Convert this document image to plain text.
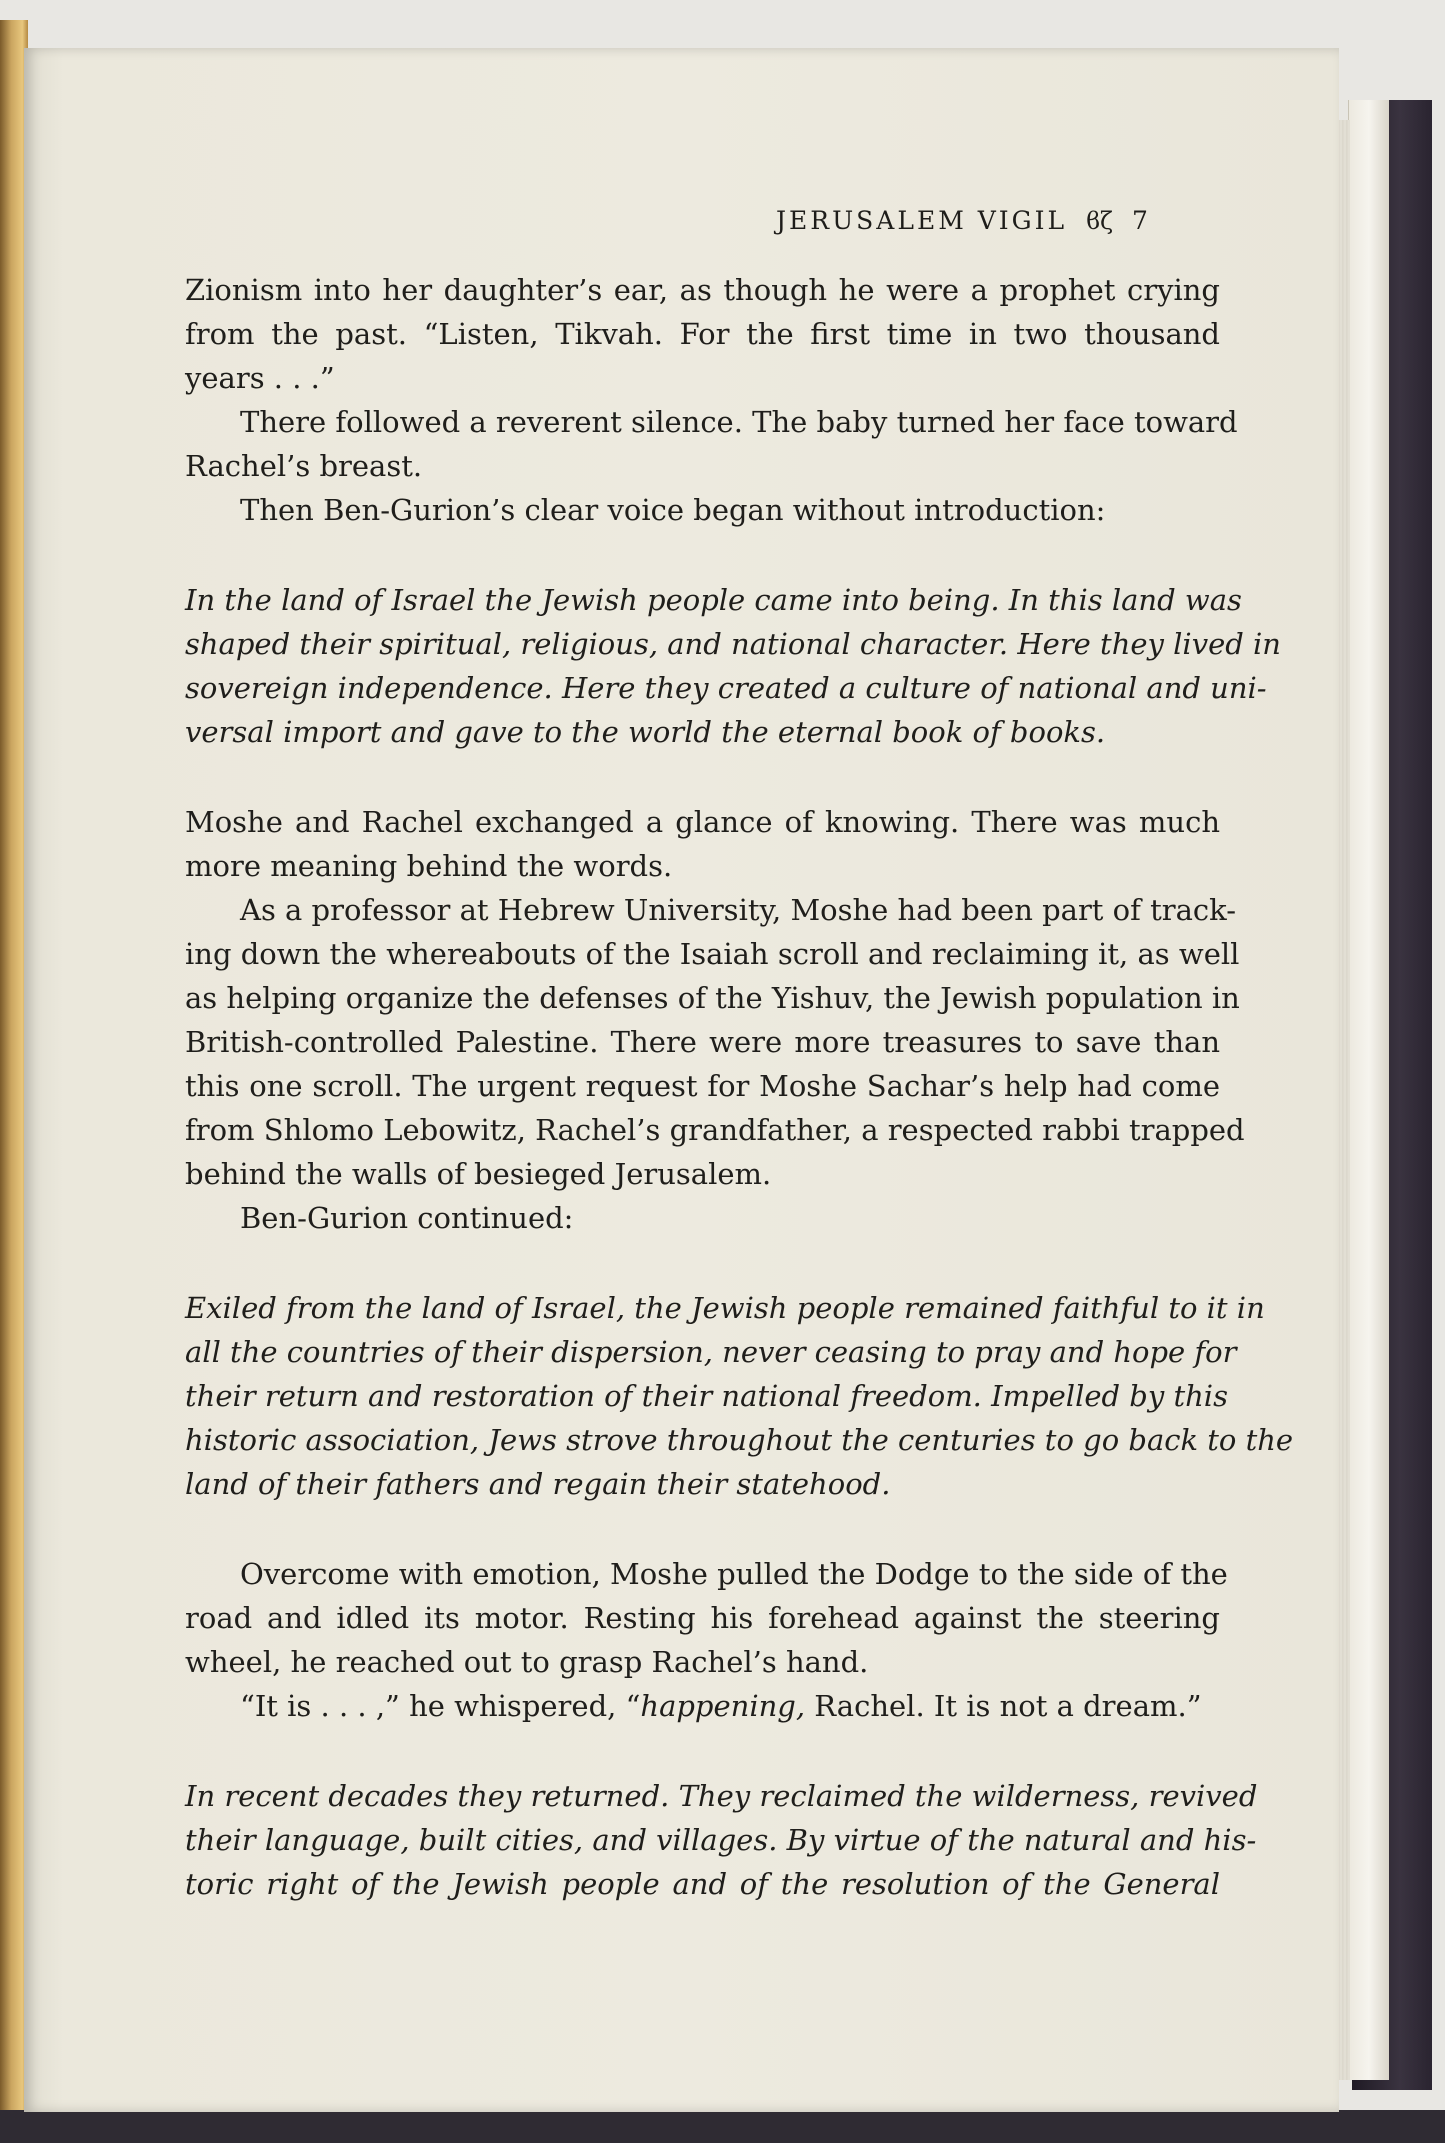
JERUSALEM VIGIL ϐζ 7
Zionism into her daughter’s ear, as though he were a prophet crying
from the past. “Listen, Tikvah. For the first time in two thousand
years . . .”
There followed a reverent silence. The baby turned her face toward
Rachel’s breast.
Then Ben-Gurion’s clear voice began without introduction:
In the land of Israel the Jewish people came into being. In this land was
shaped their spiritual, religious, and national character. Here they lived in
sovereign independence. Here they created a culture of national and uni-
versal import and gave to the world the eternal book of books.
Moshe and Rachel exchanged a glance of knowing. There was much
more meaning behind the words.
As a professor at Hebrew University, Moshe had been part of track-
ing down the whereabouts of the Isaiah scroll and reclaiming it, as well
as helping organize the defenses of the Yishuv, the Jewish population in
British-controlled Palestine. There were more treasures to save than
this one scroll. The urgent request for Moshe Sachar’s help had come
from Shlomo Lebowitz, Rachel’s grandfather, a respected rabbi trapped
behind the walls of besieged Jerusalem.
Ben-Gurion continued:
Exiled from the land of Israel, the Jewish people remained faithful to it in
all the countries of their dispersion, never ceasing to pray and hope for
their return and restoration of their national freedom. Impelled by this
historic association, Jews strove throughout the centuries to go back to the
land of their fathers and regain their statehood.
Overcome with emotion, Moshe pulled the Dodge to the side of the
road and idled its motor. Resting his forehead against the steering
wheel, he reached out to grasp Rachel’s hand.
“It is . . . ,” he whispered, “happening, Rachel. It is not a dream.”
In recent decades they returned. They reclaimed the wilderness, revived
their language, built cities, and villages. By virtue of the natural and his-
toric right of the Jewish people and of the resolution of the General
